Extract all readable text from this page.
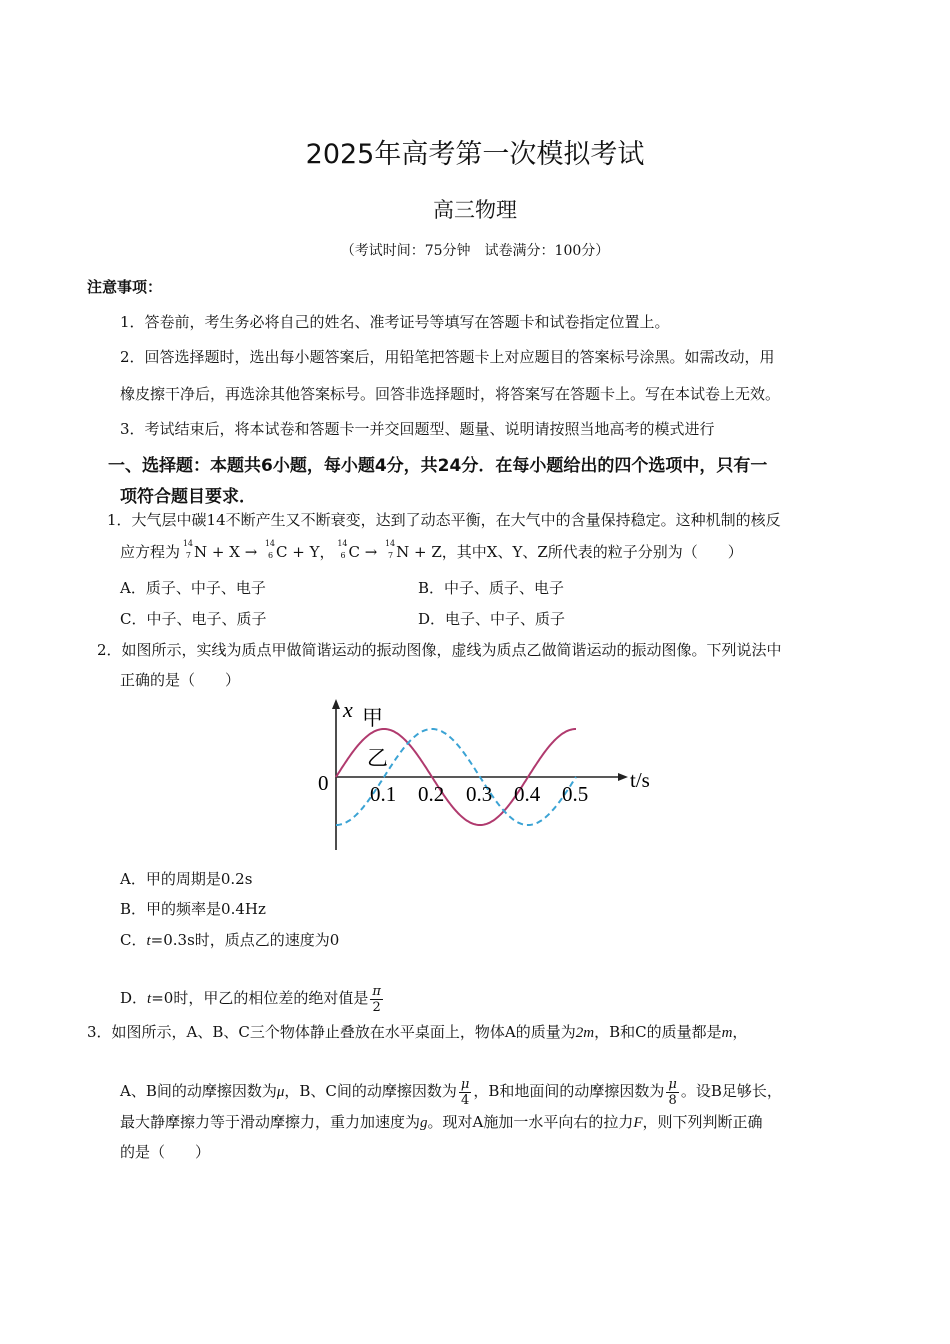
2025年高考第一次模拟考试
高三物理
（考试时间：75分钟　试卷满分：100分）
注意事项：
1．答卷前，考生务必将自己的姓名、准考证号等填写在答题卡和试卷指定位置上。
2．回答选择题时，选出每小题答案后，用铅笔把答题卡上对应题目的答案标号涂黑。如需改动，用
橡皮擦干净后，再选涂其他答案标号。回答非选择题时，将答案写在答题卡上。写在本试卷上无效。
3．考试结束后，将本试卷和答题卡一并交回题型、题量、说明请按照当地高考的模式进行
一、选择题：本题共6小题，每小题4分，共24分．在每小题给出的四个选项中，只有一
项符合题目要求．
1．大气层中碳14不断产生又不断衰变，达到了动态平衡，在大气中的含量保持稳定。这种机制的核反
应方程为 14
7 N + X → 14
6 C + Y， 14
6 C → 14
7 N + Z，其中X、Y、Z所代表的粒子分别为（　　）
A．质子、中子、电子	B．中子、质子、电子
C．中子、电子、质子	D．电子、中子、质子
2．如图所示，实线为质点甲做简谐运动的振动图像，虚线为质点乙做简谐运动的振动图像。下列说法中
正确的是（　　）
x
0	t/s
甲
乙
0.1 0.2 0.3 0.4 0.5
A．甲的周期是0.2s
B．甲的频率是0.4Hz
C．t=0.3s时，质点乙的速度为0
D．t=0时，甲乙的相位差的绝对值是 $\frac{\pi}{2}$
3．如图所示，A、B、C三个物体静止叠放在水平桌面上，物体A的质量为2m，B和C的质量都是m，
A、B间的动摩擦因数为μ，B、C间的动摩擦因数为 $\frac{\mu}{4}$ ，B和地面间的动摩擦因数为 $\frac{\mu}{8}$ 。设B足够长，
最大静摩擦力等于滑动摩擦力，重力加速度为g。现对A施加一水平向右的拉力F，则下列判断正确
的是（　　）
